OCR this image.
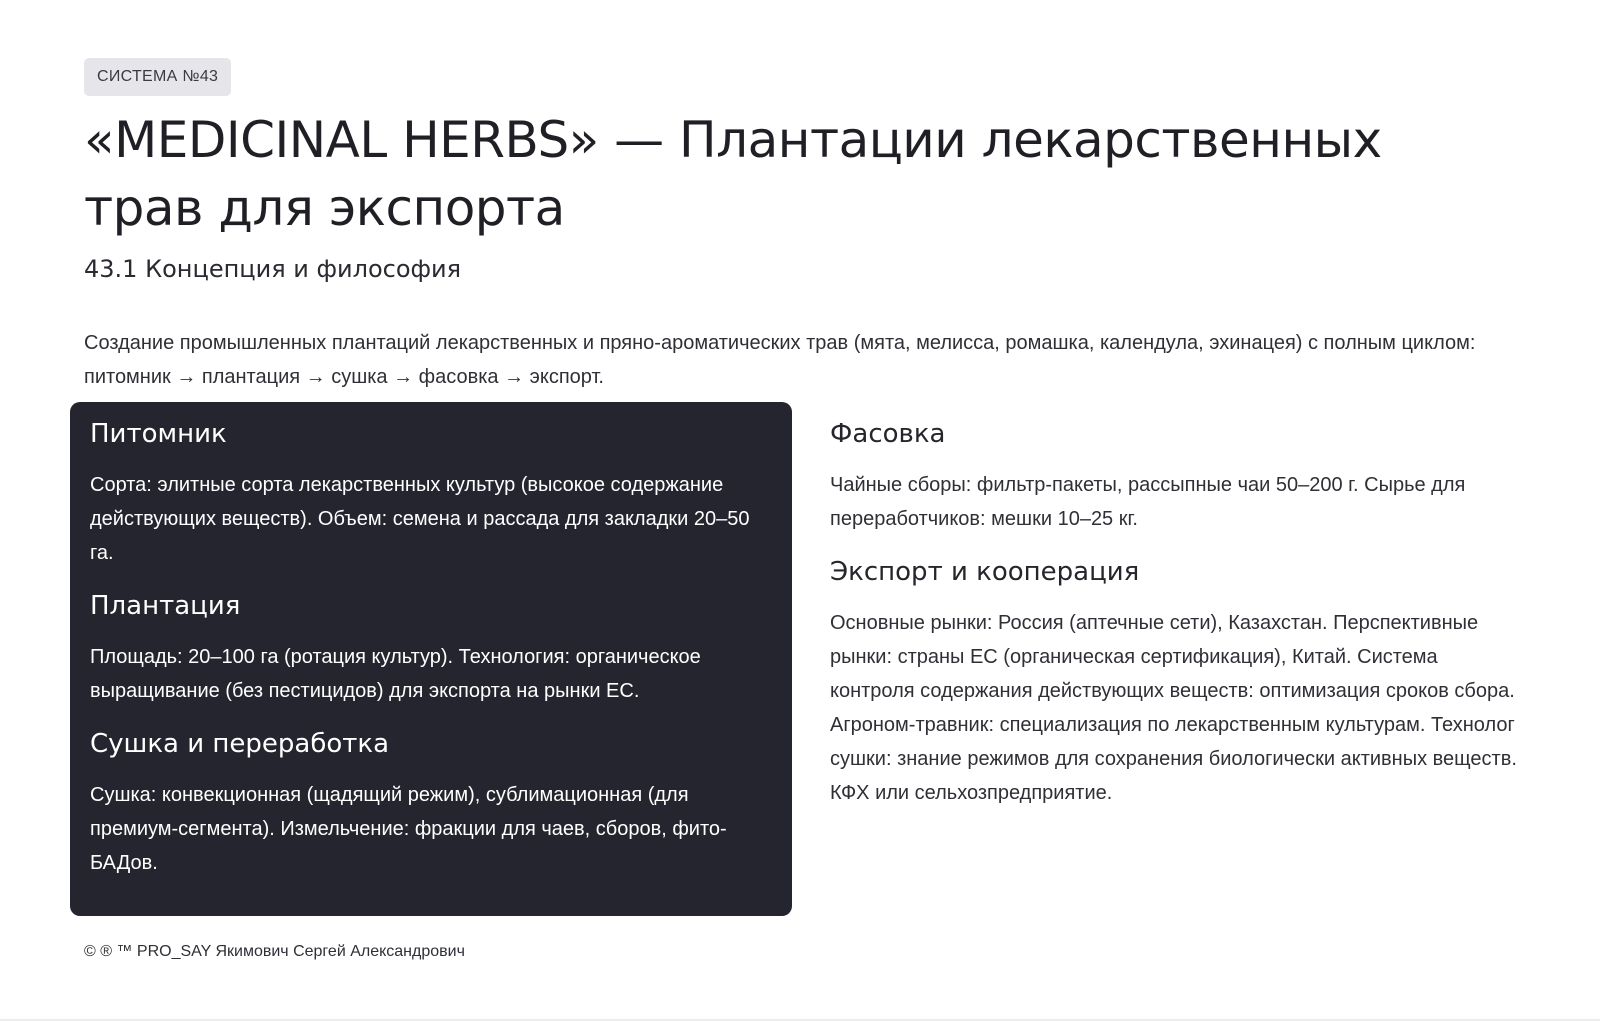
СИСТЕМА №43
«MEDICINAL HERBS» — Плантации лекарственных трав для экспорта
43.1 Концепция и философия

Создание промышленных плантаций лекарственных и пряно-ароматических трав (мята, мелисса, ромашка, календула, эхинацея) с полным циклом: питомник → плантация → сушка → фасовка → экспорт.

Питомник

Сорта: элитные сорта лекарственных культур (высокое содержание действующих веществ). Объем: семена и рассада для закладки 20–50 га.

Плантация

Площадь: 20–100 га (ротация культур). Технология: органическое выращивание (без пестицидов) для экспорта на рынки ЕС.

Сушка и переработка

Сушка: конвекционная (щадящий режим), сублимационная (для премиум-сегмента). Измельчение: фракции для чаев, сборов, фито-БАДов.

Фасовка

Чайные сборы: фильтр-пакеты, рассыпные чаи 50–200 г. Сырье для переработчиков: мешки 10–25 кг.

Экспорт и кооперация

Основные рынки: Россия (аптечные сети), Казахстан. Перспективные рынки: страны ЕС (органическая сертификация), Китай. Система контроля содержания действующих веществ: оптимизация сроков сбора. Агроном-травник: специализация по лекарственным культурам. Технолог сушки: знание режимов для сохранения биологически активных веществ. КФХ или сельхозпредприятие.

© ® ™ PRO_SAY Якимович Сергей Александрович
